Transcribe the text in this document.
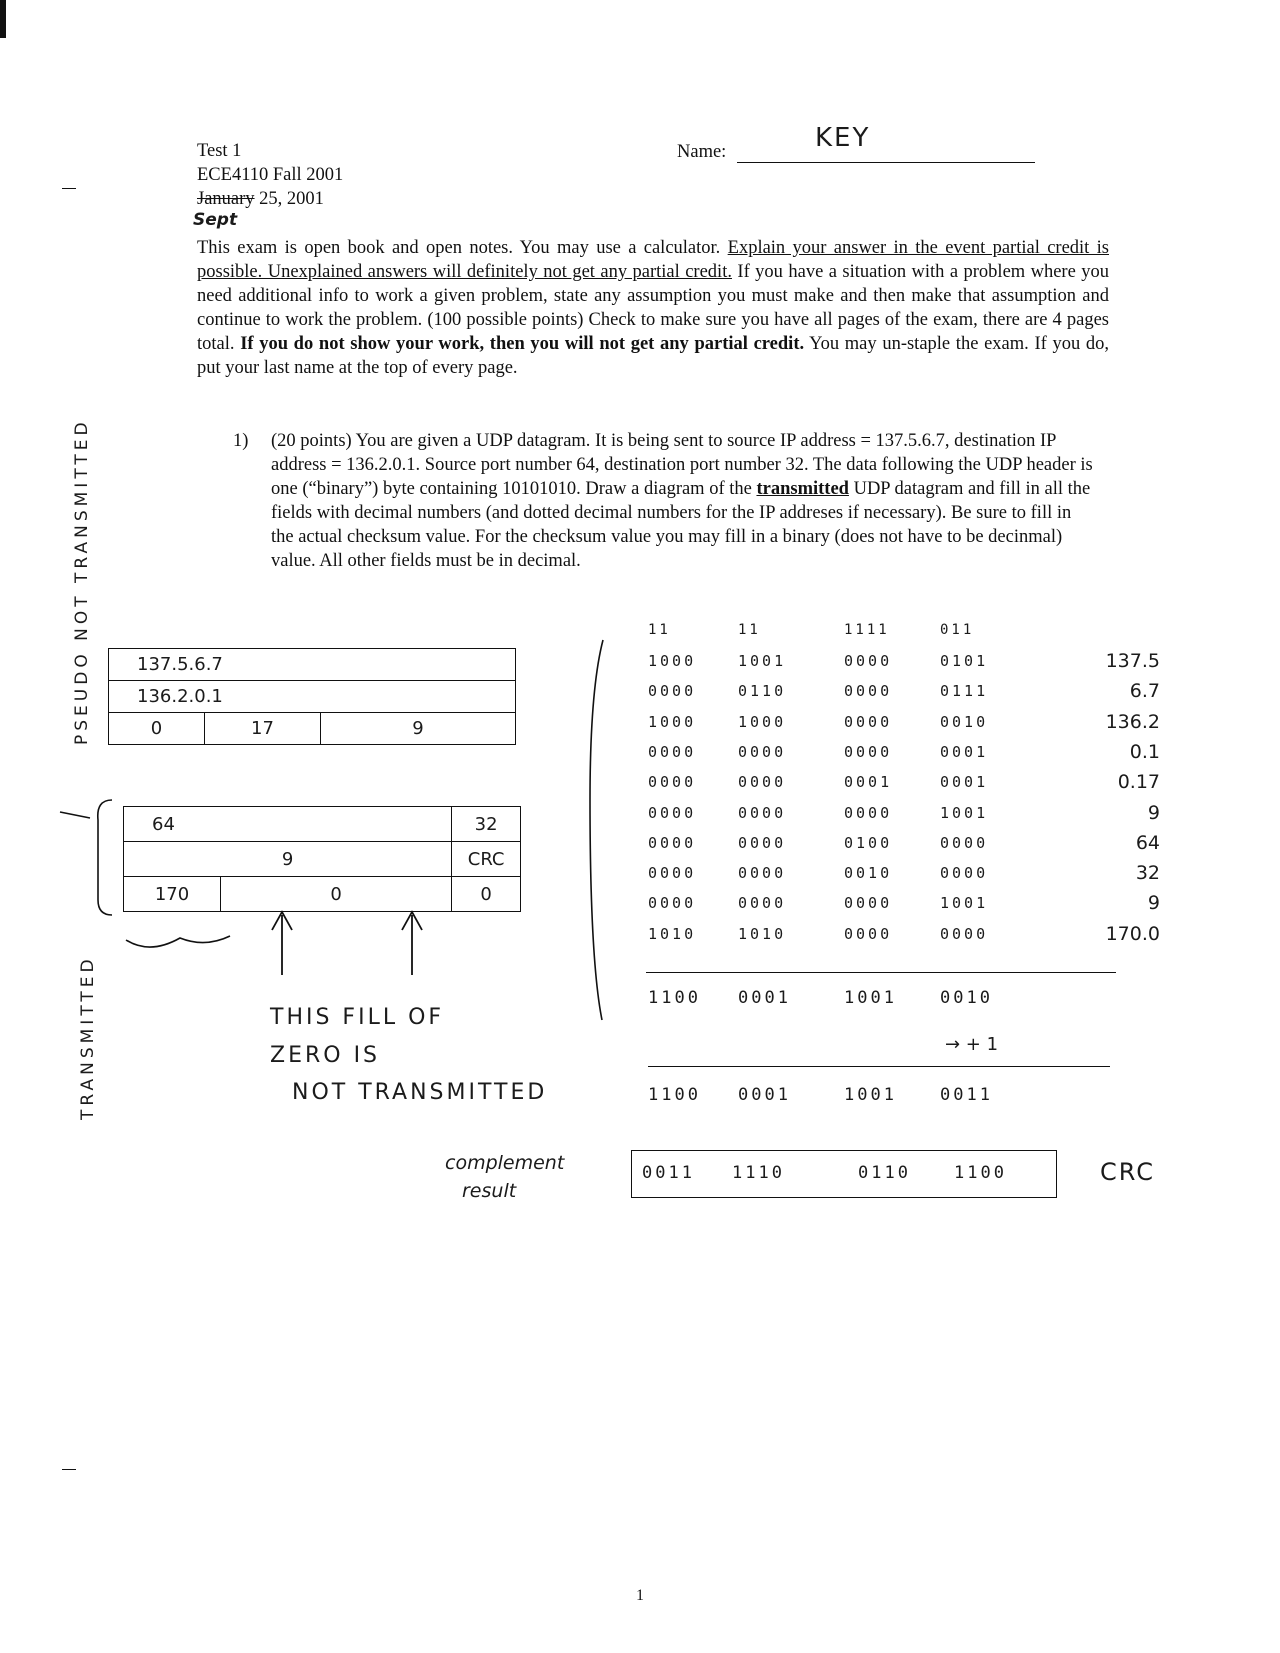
Test 1
ECE4110 Fall 2001
January 25, 2001
Sept
Name:	KEY
This exam is open book and open notes. You may use a calculator. Explain your answer in the event partial credit is possible. Unexplained answers will definitely not get any partial credit. If you have a situation with a problem where you need additional info to work a given problem, state any assumption you must make and then make that assumption and continue to work the problem. (100 possible points) Check to make sure you have all pages of the exam, there are 4 pages total. If you do not show your work, then you will not get any partial credit. You may un-staple the exam. If you do, put your last name at the top of every page.
1) (20 points) You are given a UDP datagram. It is being sent to source IP address = 137.5.6.7, destination IP address = 136.2.0.1. Source port number 64, destination port number 32. The data following the UDP header is one (“binary”) byte containing 10101010. Draw a diagram of the transmitted UDP datagram and fill in all the fields with decimal numbers (and dotted decimal numbers for the IP addreses if necessary). Be sure to fill in the actual checksum value. For the checksum value you may fill in a binary (does not have to be decinmal) value. All other fields must be in decimal.
PSEUDO NOT TRANSMITTED
TRANSMITTED
137.5.6.7
136.2.0.1
0	17	9
64		32
9		CRC
170	0	0
THIS FILL OF
ZERO IS
NOT TRANSMITTED
11	11	1111	011
1000	1001	0000	0101	137.5
0000	0110	0000	0111	6.7
1000	1000	0000	0010	136.2
0000	0000	0000	0001	0.1
0000	0000	0001	0001	0.17
0000	0000	0000	1001	9
0000	0000	0100	0000	64
0000	0000	0010	0000	32
0000	0000	0000	1001	9
1010	1010	0000	0000	170.0
1100 0001	1001	0010
→ + 1
1100 0001	1001	0011
complement
result
0011 1110	0110	1100	CRC
1
